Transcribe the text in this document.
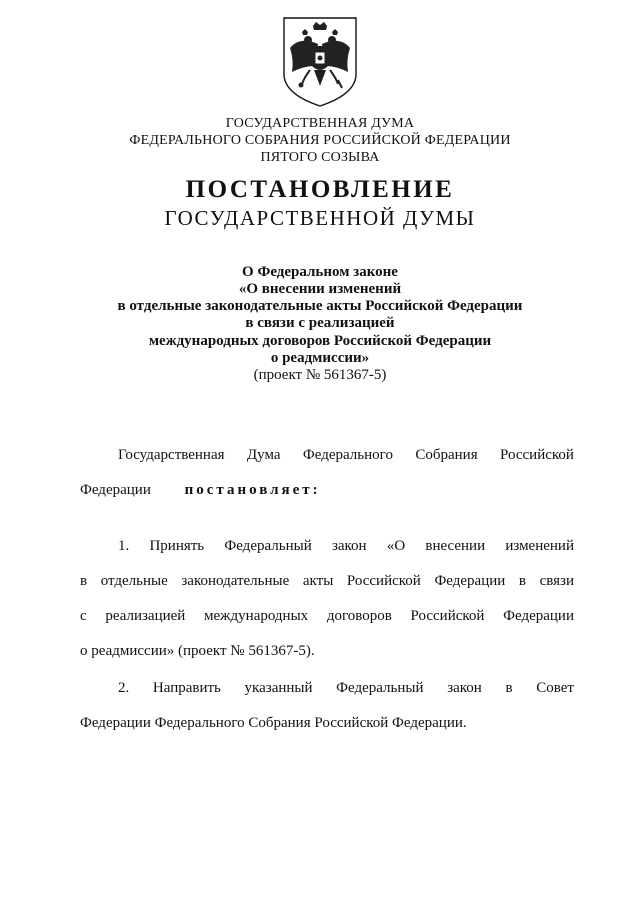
ГОСУДАРСТВЕННАЯ ДУМА
ФЕДЕРАЛЬНОГО СОБРАНИЯ РОССИЙСКОЙ ФЕДЕРАЦИИ
ПЯТОГО СОЗЫВА
ПОСТАНОВЛЕНИЕ
ГОСУДАРСТВЕННОЙ ДУМЫ
О Федеральном законе
«О внесении изменений
в отдельные законодательные акты Российской Федерации
в связи с реализацией
международных договоров Российской Федерации
о реадмиссии»
(проект № 561367-5)
Государственная Дума Федерального Собрания Российской
Федерации постановляет:
1. Принять Федеральный закон «О внесении изменений
в отдельные законодательные акты Российской Федерации в связи
с реализацией международных договоров Российской Федерации
о реадмиссии» (проект № 561367-5).
2. Направить указанный Федеральный закон в Совет
Федерации Федерального Собрания Российской Федерации.
